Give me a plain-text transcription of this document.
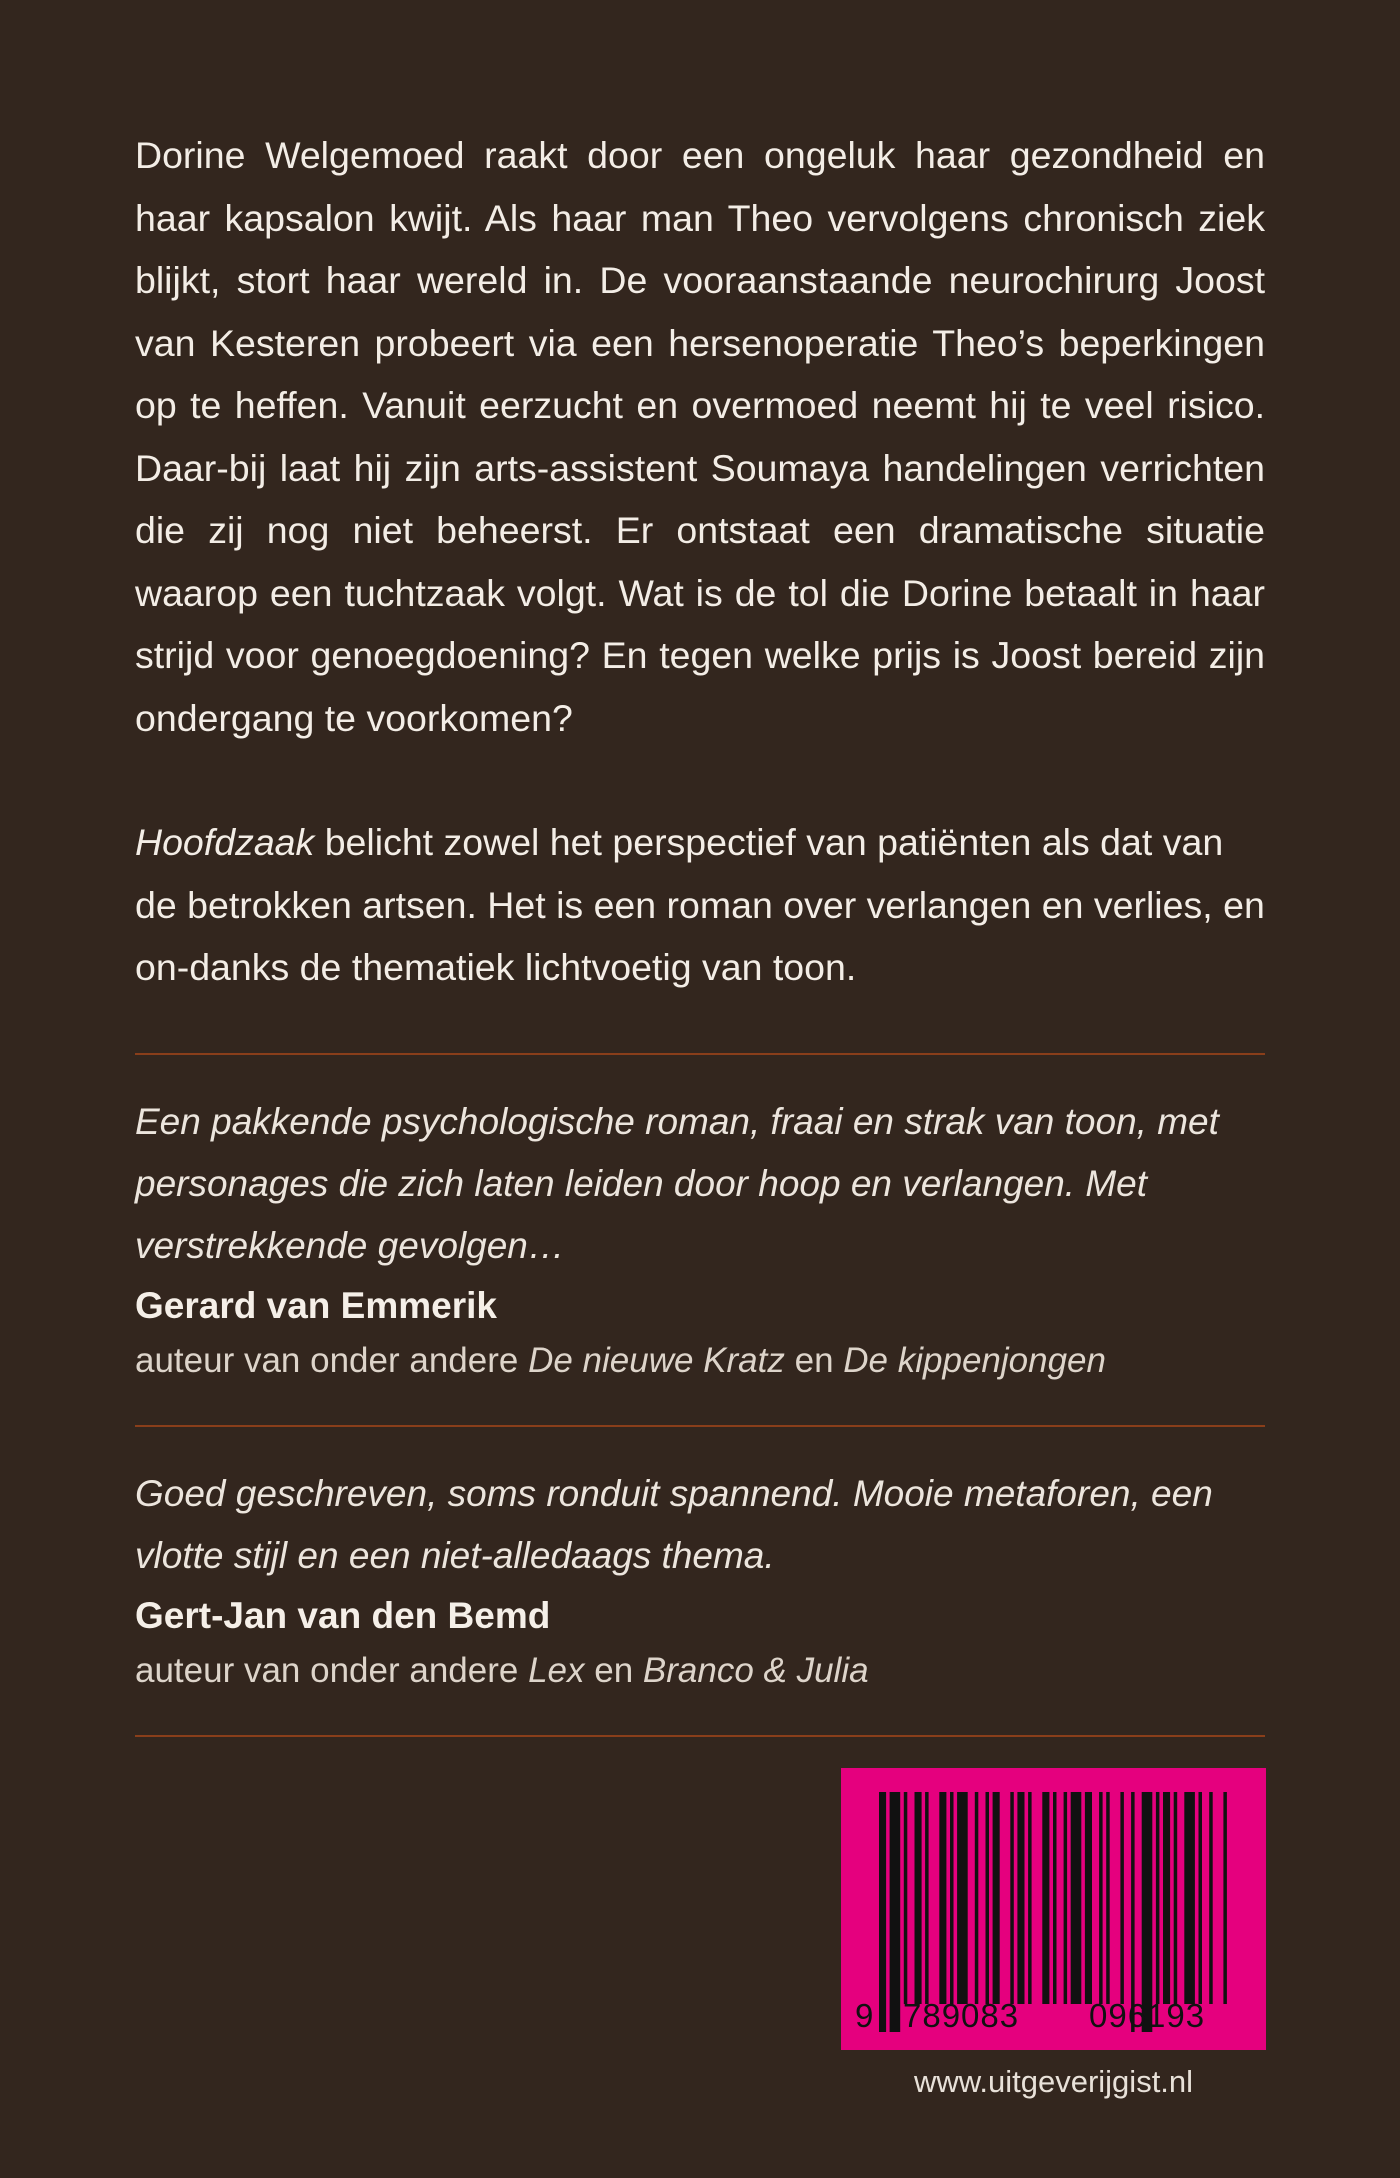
Dorine Welgemoed raakt door een ongeluk haar gezondheid en haar kapsalon kwijt. Als haar man Theo vervolgens chronisch ziek blijkt, stort haar wereld in. De vooraanstaande neurochirurg Joost van Kesteren probeert via een hersenoperatie Theo’s beperkingen op te heffen. Vanuit eerzucht en overmoed neemt hij te veel risico. Daar-bij laat hij zijn arts-assistent Soumaya handelingen verrichten die zij nog niet beheerst. Er ontstaat een dramatische situatie waarop een tuchtzaak volgt. Wat is de tol die Dorine betaalt in haar strijd voor genoegdoening? En tegen welke prijs is Joost bereid zijn ondergang te voorkomen?

Hoofdzaak belicht zowel het perspectief van patiënten als dat van de betrokken artsen. Het is een roman over verlangen en verlies, en on-danks de thematiek lichtvoetig van toon.

Een pakkende psychologische roman, fraai en strak van toon, met personages die zich laten leiden door hoop en verlangen. Met verstrekkende gevolgen…

Gerard van Emmerik

auteur van onder andere De nieuwe Kratz en De kippenjongen

Goed geschreven, soms ronduit spannend. Mooie metaforen, een vlotte stijl en een niet-alledaags thema.

Gert-Jan van den Bemd

auteur van onder andere Lex en Branco & Julia

9 789083 096193
www.uitgeverijgist.nl
